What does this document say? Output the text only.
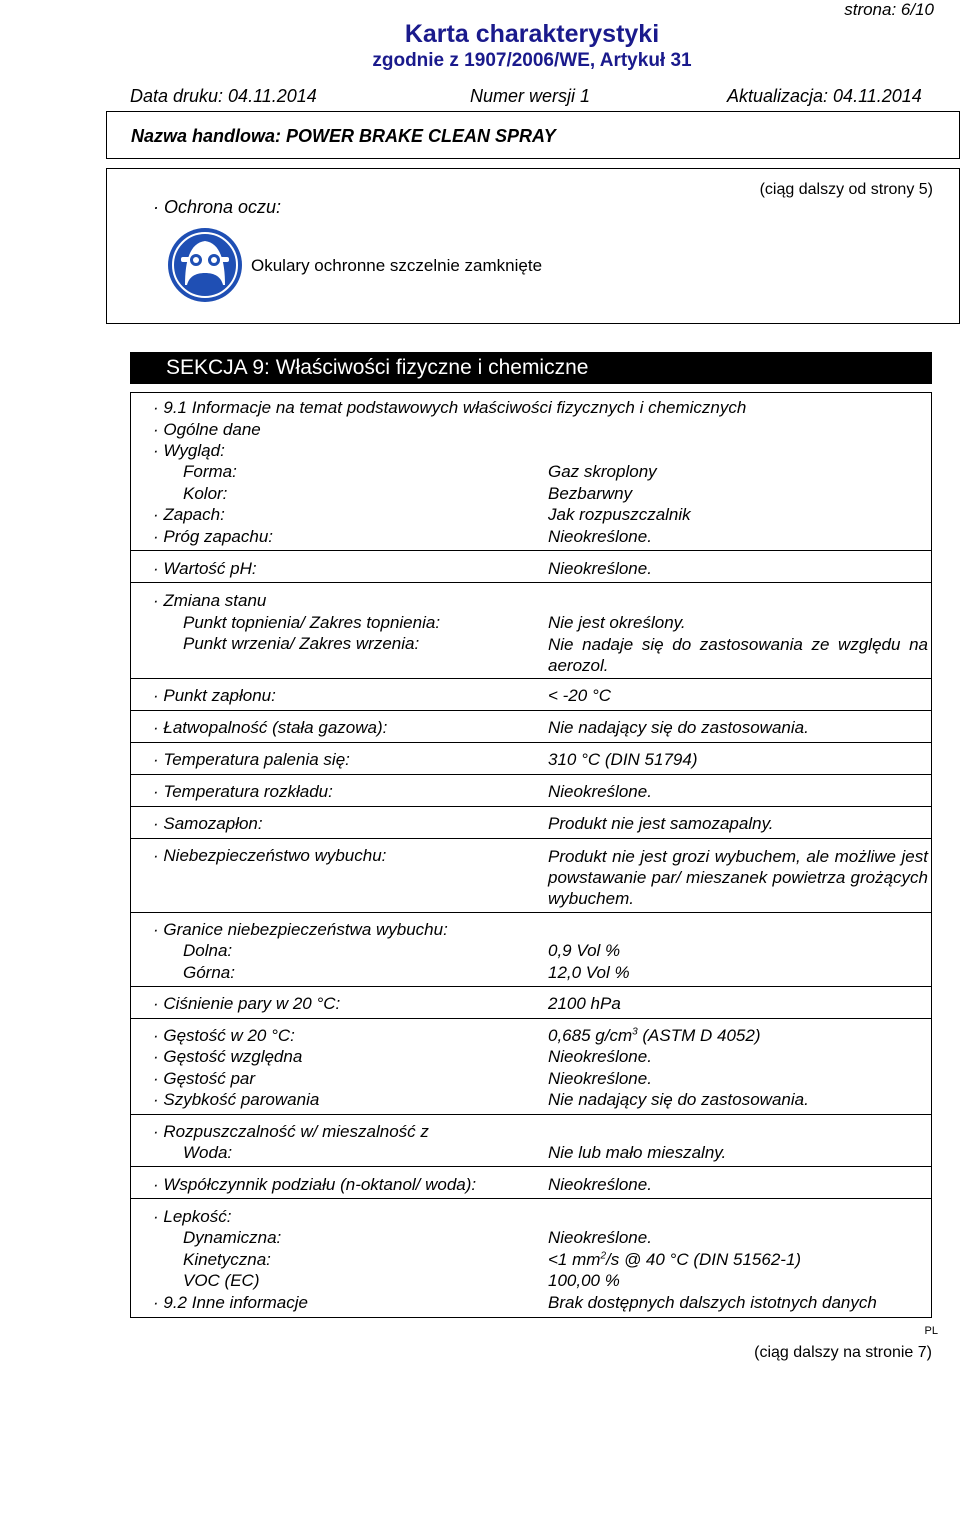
strona: 6/10
Karta charakterystyki
zgodnie z 1907/2006/WE, Artykuł 31
Data druku: 04.11.2014	Numer wersji 1	Aktualizacja: 04.11.2014
Nazwa handlowa: POWER BRAKE CLEAN SPRAY
· Ochrona oczu:
(ciąg dalszy od strony 5)
Okulary ochronne szczelnie zamknięte
SEKCJA 9: Właściwości fizyczne i chemiczne
· 9.1 Informacje na temat podstawowych właściwości fizycznych i chemicznych
· Ogólne dane
· Wygląd:
Forma:	Gaz skroplony
Kolor:	Bezbarwny
· Zapach:	Jak rozpuszczalnik
· Próg zapachu:	Nieokreślone.
· Wartość pH:	Nieokreślone.
· Zmiana stanu
Punkt topnienia/ Zakres topnienia:	Nie jest określony.
Punkt wrzenia/ Zakres wrzenia:	Nie nadaje się do zastosowania ze względu na aerozol.
· Punkt zapłonu:	< -20 °C
· Łatwopalność (stała gazowa):	Nie nadający się do zastosowania.
· Temperatura palenia się:	310 °C (DIN 51794)
· Temperatura rozkładu:	Nieokreślone.
· Samozapłon:	Produkt nie jest samozapalny.
· Niebezpieczeństwo wybuchu:	Produkt nie jest grozi wybuchem, ale możliwe jest powstawanie par/ mieszanek powietrza grożących wybuchem.
· Granice niebezpieczeństwa wybuchu:
Dolna:	0,9 Vol %
Górna:	12,0 Vol %
· Ciśnienie pary w 20 °C:	2100 hPa
· Gęstość w 20 °C:	0,685 $g/cm^3$ (ASTM D 4052)
· Gęstość względna	Nieokreślone.
· Gęstość par	Nieokreślone.
· Szybkość parowania	Nie nadający się do zastosowania.
· Rozpuszczalność w/ mieszalność z
Woda:	Nie lub mało mieszalny.
· Współczynnik podziału (n-oktanol/ woda):	Nieokreślone.
· Lepkość:
Dynamiczna:	Nieokreślone.
Kinetyczna:	<1 $mm^2/s$ @ 40 °C (DIN 51562-1)
VOC (EC)	100,00 %
· 9.2 Inne informacje	Brak dostępnych dalszych istotnych danych
PL
(ciąg dalszy na stronie 7)
